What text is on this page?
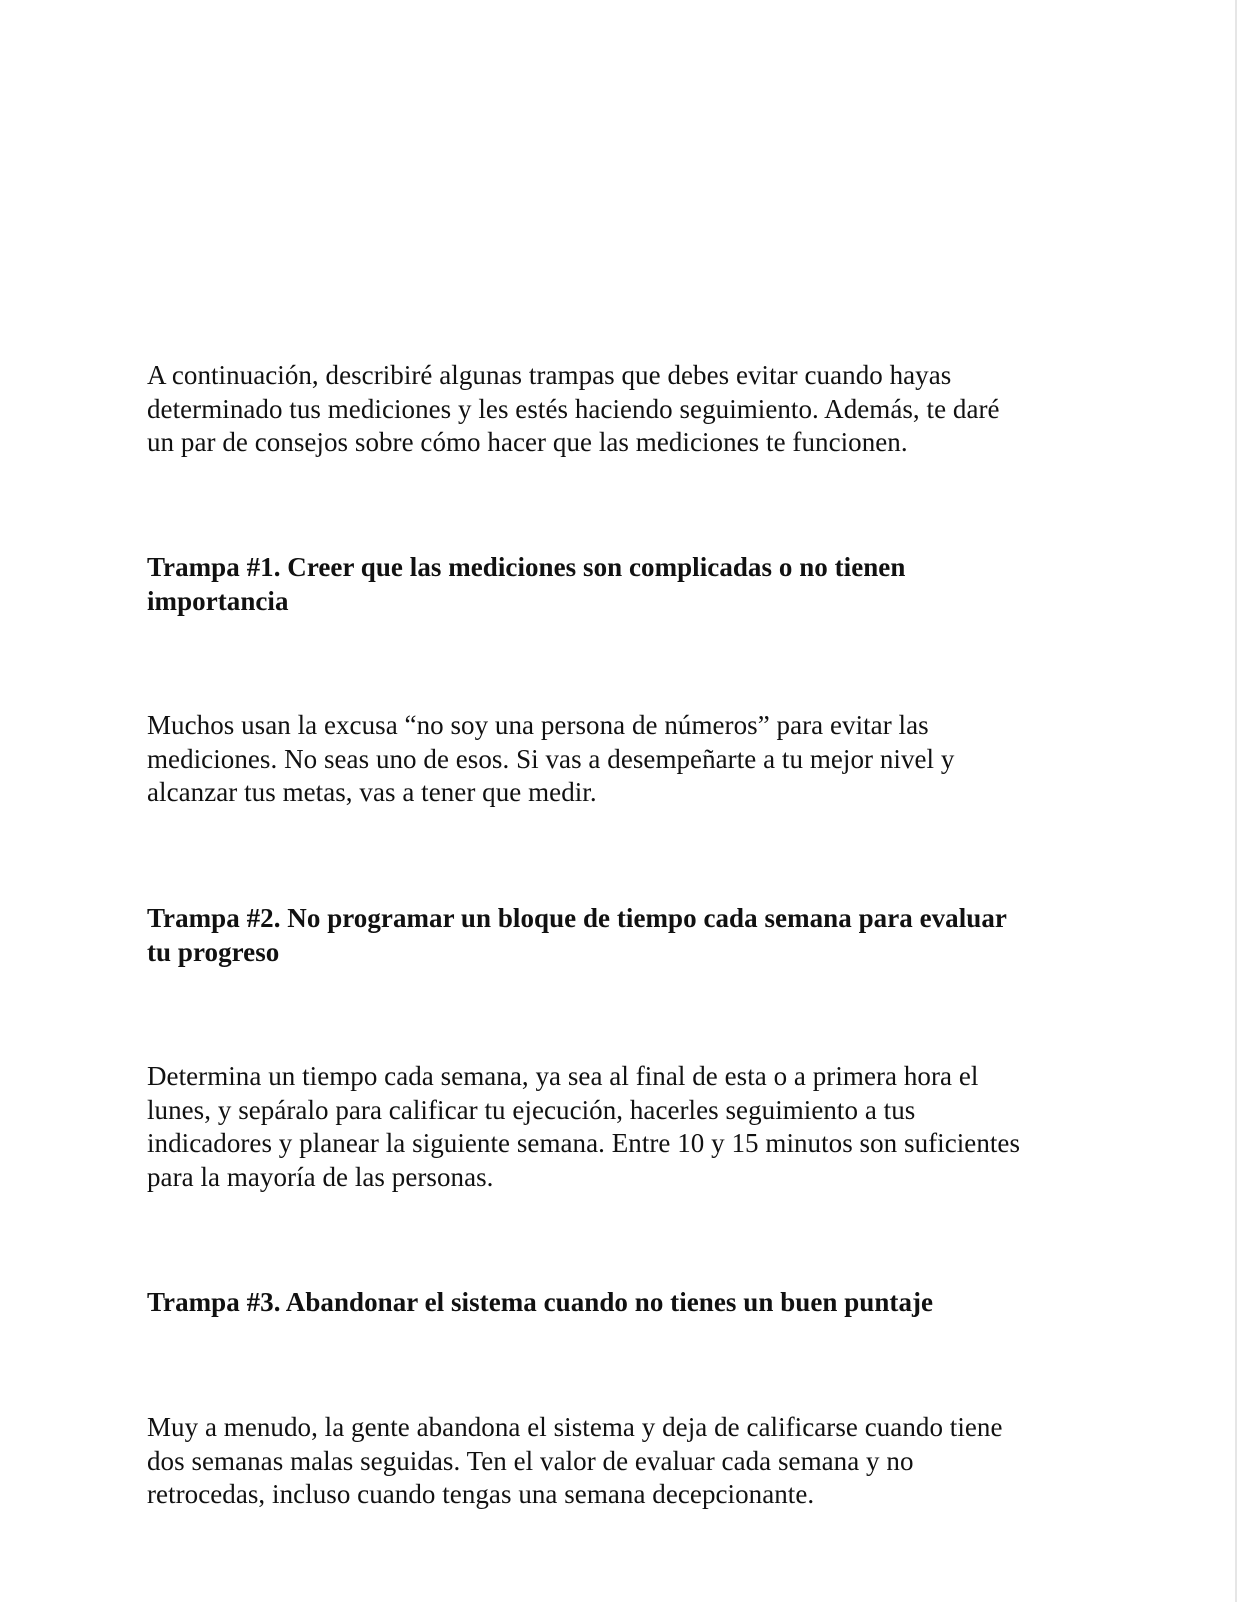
A continuación, describiré algunas trampas que debes evitar cuando hayas
determinado tus mediciones y les estés haciendo seguimiento. Además, te daré
un par de consejos sobre cómo hacer que las mediciones te funcionen.

Trampa #1. Creer que las mediciones son complicadas o no tienen
importancia

Muchos usan la excusa “no soy una persona de números” para evitar las
mediciones. No seas uno de esos. Si vas a desempeñarte a tu mejor nivel y
alcanzar tus metas, vas a tener que medir.

Trampa #2. No programar un bloque de tiempo cada semana para evaluar
tu progreso

Determina un tiempo cada semana, ya sea al final de esta o a primera hora el
lunes, y sepáralo para calificar tu ejecución, hacerles seguimiento a tus
indicadores y planear la siguiente semana. Entre 10 y 15 minutos son suficientes
para la mayoría de las personas.

Trampa #3. Abandonar el sistema cuando no tienes un buen puntaje

Muy a menudo, la gente abandona el sistema y deja de calificarse cuando tiene
dos semanas malas seguidas. Ten el valor de evaluar cada semana y no
retrocedas, incluso cuando tengas una semana decepcionante.
